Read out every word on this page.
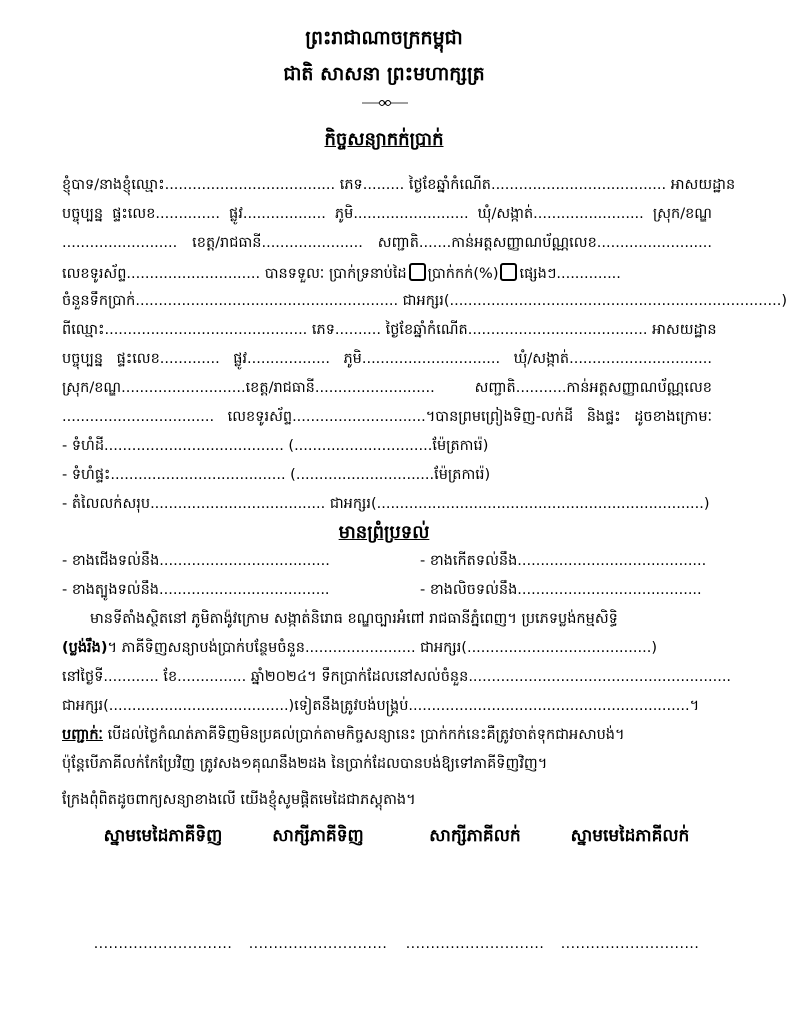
ព្រះរាជាណាចក្រកម្ពុជា
ជាតិ សាសនា ព្រះមហាក្សត្រ
កិច្ចសន្យាកក់ប្រាក់
ខ្ញុំបាទ/នាងខ្ញុំឈ្មោះ..................................... ភេទ......... ថ្ងៃខែឆ្នាំកំណើត...................................... អាសយដ្ឋាន
បច្ចុប្បន្ន ផ្ទះលេខ.............. ផ្លូវ.................. ភូមិ......................... ឃុំ/សង្កាត់........................ ស្រុក/ខណ្ឌ
......................... ខេត្ត/រាជធានី...................... សញ្ជាតិ.......កាន់អត្តសញ្ញាណប័ណ្ណលេខ.........................
លេខទូរស័ព្ទ............................. បានទទួលៈ ប្រាក់ទ្រនាប់ដៃ ប្រាក់កក់(%) ផ្សេងៗ..............
ចំនួនទឹកប្រាក់......................................................... ជាអក្សរ(........................................................................)
ពីឈ្មោះ............................................ ភេទ.......... ថ្ងៃខែឆ្នាំកំណើត....................................... អាសយដ្ឋាន
បច្ចុប្បន្ន ផ្ទះលេខ............. ផ្លូវ.................. ភូមិ.............................. ឃុំ/សង្កាត់...............................
ស្រុក/ខណ្ឌ...........................ខេត្ត/រាជធានី.......................... សញ្ជាតិ...........កាន់អត្តសញ្ញាណប័ណ្ណលេខ
................................. លេខទូរស័ព្ទ.............................។បានព្រមព្រៀងទិញ-លក់ដី និងផ្ទះ ដូចខាងក្រោមៈ
- ទំហំដី....................................... (..............................ម៉ែត្រការ៉េ)
- ទំហំផ្ទះ...................................... (..............................ម៉ែត្រការ៉េ)
- តំលៃលក់សរុប...................................... ជាអក្សរ(.......................................................................)
មានព្រំប្រទល់
- ខាងជើងទល់នឹង.....................................	- ខាងកើតទល់នឹង.........................................
- ខាងត្បូងទល់នឹង.....................................	- ខាងលិចទល់នឹង........................................
មានទីតាំងស្ថិតនៅ ភូមិតាង៉ូវក្រោម សង្កាត់និរោធ ខណ្ឌច្បារអំពៅ រាជធានីភ្នំពេញ។ ប្រភេទប្លង់កម្មសិទ្ធិ
(ប្លង់រឹង)។ ភាគីទិញសន្យាបង់ប្រាក់បន្ថែមចំនួន........................ ជាអក្សរ(........................................)
នៅថ្ងៃទី............ ខែ............... ឆ្នាំ២០២៤។ ទឹកប្រាក់ដែលនៅសល់ចំនួន.........................................................
ជាអក្សរ(.......................................)ទៀតនឹងត្រូវបង់បង្គ្រប់.............................................................។
បញ្ជាក់ៈ បើដល់ថ្ងៃកំណត់ភាគីទិញមិនប្រគល់ប្រាក់តាមកិច្ចសន្យានេះ ប្រាក់កក់នេះគឺត្រូវចាត់ទុកជាអសាបង់។
ប៉ុន្តែបើភាគីលក់កែប្រែវិញ ត្រូវសង១គុណនឹង២ដង នៃប្រាក់ដែលបានបង់ឱ្យទៅភាគីទិញវិញ។
ក្រែងពុំពិតដូចពាក្យសន្យាខាងលើ យើងខ្ញុំសូមផ្តិតមេដៃជាភស្តុតាង។
ស្នាមមេដៃភាគីទិញ	សាក្សីភាគីទិញ	សាក្សីភាគីលក់	ស្នាមមេដៃភាគីលក់
............................	............................ ............................	............................
